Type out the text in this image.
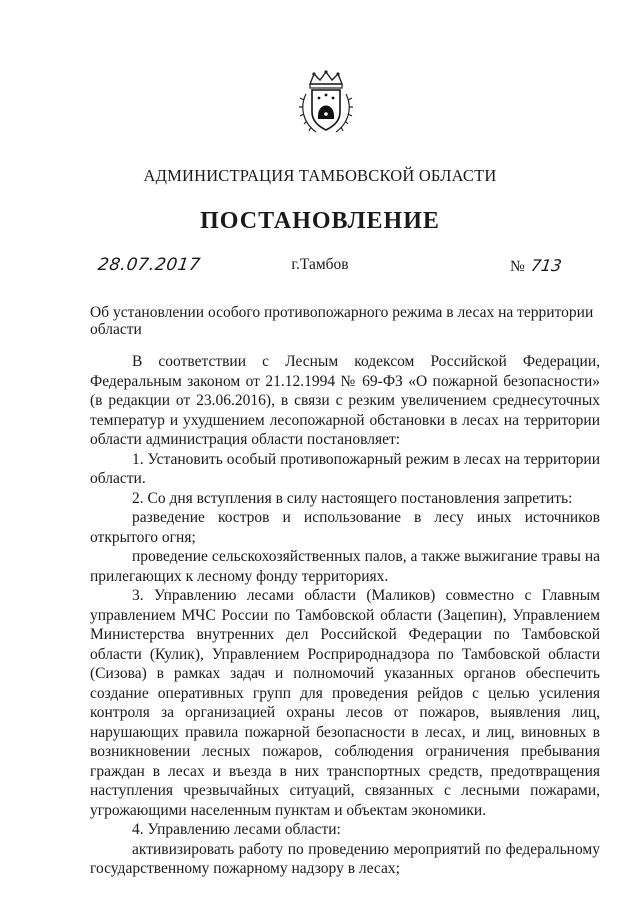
АДМИНИСТРАЦИЯ ТАМБОВСКОЙ ОБЛАСТИ
ПОСТАНОВЛЕНИЕ
28.07.2017	г.Тамбов	№ 713
Об установлении особого противопожарного режима в лесах на территории области

В соответствии с Лесным кодексом Российской Федерации, Федеральным законом от 21.12.1994 № 69-ФЗ «О пожарной безопасности» (в редакции от 23.06.2016), в связи с резким увеличением среднесуточных температур и ухудшением лесопожарной обстановки в лесах на территории области администрация области постановляет:

1. Установить особый противопожарный режим в лесах на территории области.

2. Со дня вступления в силу настоящего постановления запретить:

разведение костров и использование в лесу иных источников открытого огня;

проведение сельскохозяйственных палов, а также выжигание травы на прилегающих к лесному фонду территориях.

3. Управлению лесами области (Маликов) совместно с Главным управлением МЧС России по Тамбовской области (Зацепин), Управлением Министерства внутренних дел Российской Федерации по Тамбовской области (Кулик), Управлением Росприроднадзора по Тамбовской области (Сизова) в рамках задач и полномочий указанных органов обеспечить создание оперативных групп для проведения рейдов с целью усиления контроля за организацией охраны лесов от пожаров, выявления лиц, нарушающих правила пожарной безопасности в лесах, и лиц, виновных в возникновении лесных пожаров, соблюдения ограничения пребывания граждан в лесах и въезда в них транспортных средств, предотвращения наступления чрезвычайных ситуаций, связанных с лесными пожарами, угрожающими населенным пунктам и объектам экономики.

4. Управлению лесами области:

активизировать работу по проведению мероприятий по федеральному государственному пожарному надзору в лесах;
